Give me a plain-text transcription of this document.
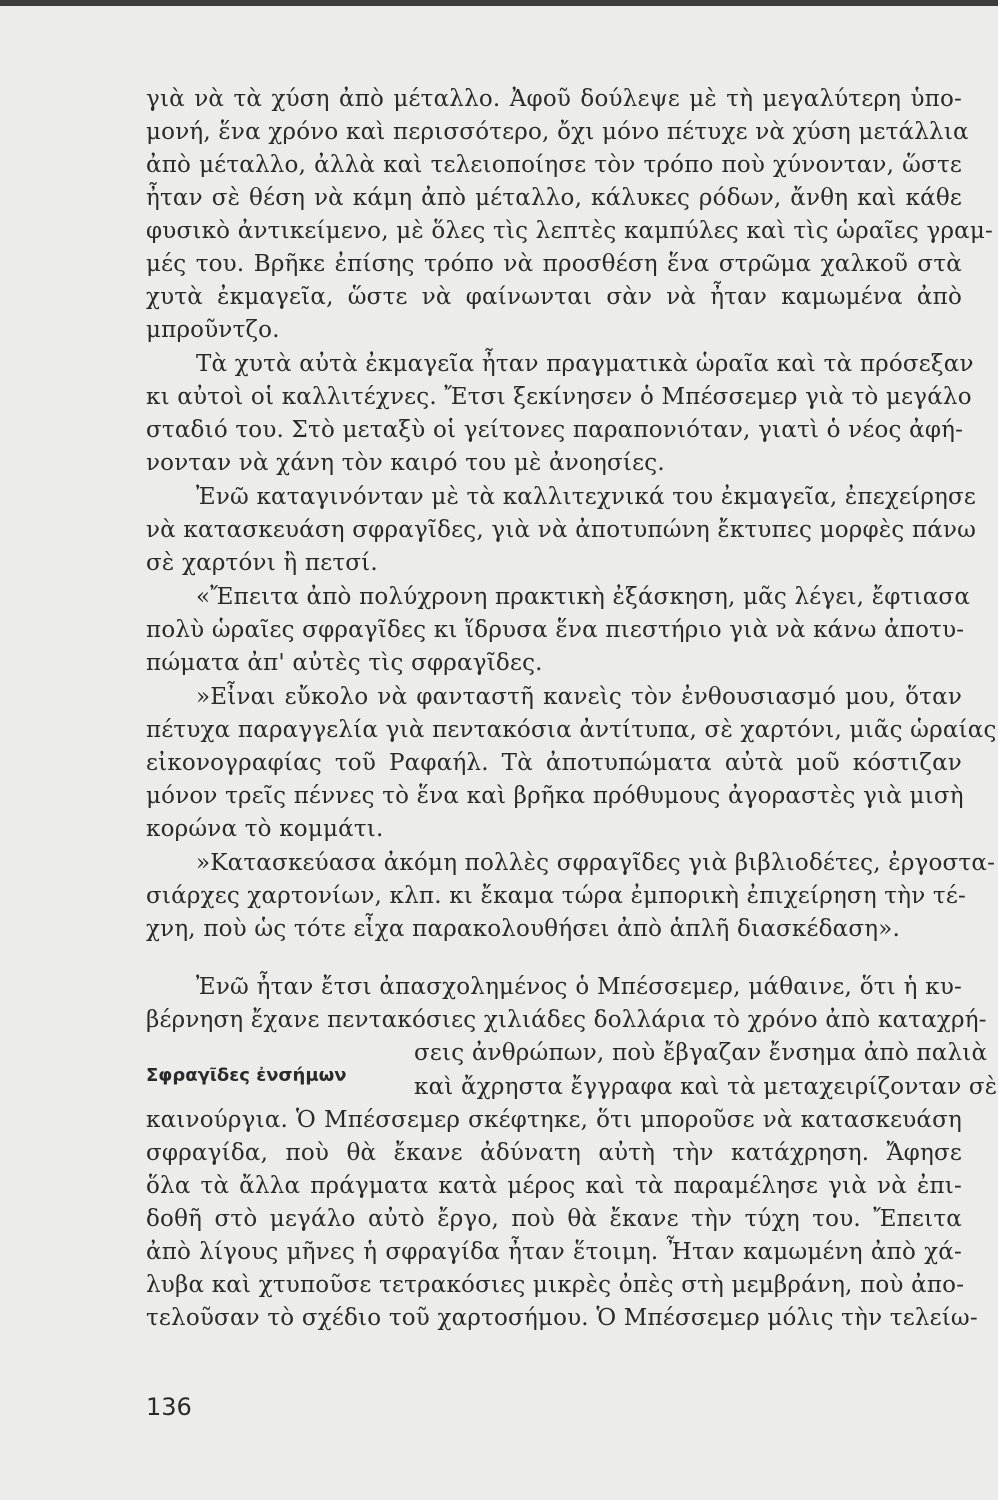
γιὰ νὰ τὰ χύση ἀπὸ μέταλλο. Ἀφοῦ δούλεψε μὲ τὴ μεγαλύτερη ὑπο-
μονή, ἕνα χρόνο καὶ περισσότερο, ὄχι μόνο πέτυχε νὰ χύση μετάλλια
ἀπὸ μέταλλο, ἀλλὰ καὶ τελειοποίησε τὸν τρόπο ποὺ χύνονταν, ὥστε
ἦταν σὲ θέση νὰ κάμη ἀπὸ μέταλλο, κάλυκες ρόδων, ἄνθη καὶ κάθε
φυσικὸ ἀντικείμενο, μὲ ὅλες τὶς λεπτὲς καμπύλες καὶ τὶς ὡραῖες γραμ-
μές του. Βρῆκε ἐπίσης τρόπο νὰ προσθέση ἕνα στρῶμα χαλκοῦ στὰ
χυτὰ ἐκμαγεῖα, ὥστε νὰ φαίνωνται σὰν νὰ ἦταν καμωμένα ἀπὸ
μπροῦντζο.
Τὰ χυτὰ αὐτὰ ἐκμαγεῖα ἦταν πραγματικὰ ὡραῖα καὶ τὰ πρόσεξαν
κι αὐτοὶ οἱ καλλιτέχνες. Ἔτσι ξεκίνησεν ὁ Μπέσσεμερ γιὰ τὸ μεγάλο
σταδιό του. Στὸ μεταξὺ οἱ γείτονες παραπονιόταν, γιατὶ ὁ νέος ἀφή-
νονταν νὰ χάνη τὸν καιρό του μὲ ἀνοησίες.
Ἐνῶ καταγινόνταν μὲ τὰ καλλιτεχνικά του ἐκμαγεῖα, ἐπεχείρησε
νὰ κατασκευάση σφραγῖδες, γιὰ νὰ ἀποτυπώνη ἔκτυπες μορφὲς πάνω
σὲ χαρτόνι ἢ πετσί.
«Ἔπειτα ἀπὸ πολύχρονη πρακτικὴ ἐξάσκηση, μᾶς λέγει, ἔφτιασα
πολὺ ὡραῖες σφραγῖδες κι ἵδρυσα ἕνα πιεστήριο γιὰ νὰ κάνω ἀποτυ-
πώματα ἀπ' αὐτὲς τὶς σφραγῖδες.
»Εἶναι εὔκολο νὰ φανταστῆ κανεὶς τὸν ἐνθουσιασμό μου, ὅταν
πέτυχα παραγγελία γιὰ πεντακόσια ἀντίτυπα, σὲ χαρτόνι, μιᾶς ὡραίας
εἰκονογραφίας τοῦ Ραφαήλ. Τὰ ἀποτυπώματα αὐτὰ μοῦ κόστιζαν
μόνον τρεῖς πέννες τὸ ἕνα καὶ βρῆκα πρόθυμους ἀγοραστὲς γιὰ μισὴ
κορώνα τὸ κομμάτι.
»Κατασκεύασα ἀκόμη πολλὲς σφραγῖδες γιὰ βιβλιοδέτες, ἐργοστα-
σιάρχες χαρτονίων, κλπ. κι ἔκαμα τώρα ἐμπορικὴ ἐπιχείρηση τὴν τέ-
χνη, ποὺ ὡς τότε εἶχα παρακολουθήσει ἀπὸ ἁπλῆ διασκέδαση».
Ἐνῶ ἦταν ἔτσι ἀπασχολημένος ὁ Μπέσσεμερ, μάθαινε, ὅτι ἡ κυ-
βέρνηση ἔχανε πεντακόσιες χιλιάδες δολλάρια τὸ χρόνο ἀπὸ καταχρή-
σεις ἀνθρώπων, ποὺ ἔβγαζαν ἔνσημα ἀπὸ παλιὰ
Σφραγῖδες ἐνσήμων	καὶ ἄχρηστα ἔγγραφα καὶ τὰ μεταχειρίζονταν σὲ
καινούργια. Ὁ Μπέσσεμερ σκέφτηκε, ὅτι μποροῦσε νὰ κατασκευάση
σφραγίδα, ποὺ θὰ ἔκανε ἀδύνατη αὐτὴ τὴν κατάχρηση. Ἄφησε
ὅλα τὰ ἄλλα πράγματα κατὰ μέρος καὶ τὰ παραμέλησε γιὰ νὰ ἐπι-
δοθῆ στὸ μεγάλο αὐτὸ ἔργο, ποὺ θὰ ἔκανε τὴν τύχη του. Ἔπειτα
ἀπὸ λίγους μῆνες ἡ σφραγίδα ἦταν ἕτοιμη. Ἦταν καμωμένη ἀπὸ χά-
λυβα καὶ χτυποῦσε τετρακόσιες μικρὲς ὀπὲς στὴ μεμβράνη, ποὺ ἀπο-
τελοῦσαν τὸ σχέδιο τοῦ χαρτοσήμου. Ὁ Μπέσσεμερ μόλις τὴν τελείω-
136
